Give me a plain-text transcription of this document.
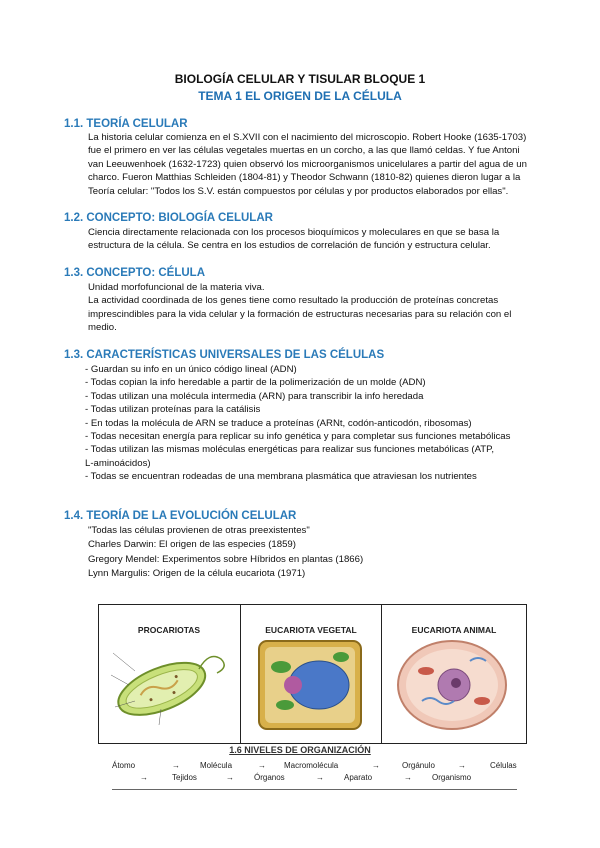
BIOLOGÍA CELULAR Y TISULAR BLOQUE 1
TEMA 1 EL ORIGEN DE LA CÉLULA
1.1. TEORÍA CELULAR
La historia celular comienza en el S.XVII con el nacimiento del microscopio. Robert Hooke (1635-1703)
fue el primero en ver las células vegetales muertas en un corcho, a las que llamó celdas. Y fue Antoni
van Leeuwenhoek (1632-1723) quien observó los microorganismos unicelulares a partir del agua de un
charco. Fueron Matthias Schleiden (1804-81) y Theodor Schwann (1810-82) quienes dieron lugar a la
Teoría celular: "Todos los S.V. están compuestos por células y por productos elaborados por ellas".
1.2. CONCEPTO: BIOLOGÍA CELULAR
Ciencia directamente relacionada con los procesos bioquímicos y moleculares en que se basa la
estructura de la célula. Se centra en los estudios de correlación de función y estructura celular.
1.3. CONCEPTO: CÉLULA
Unidad morfofuncional de la materia viva.
La actividad coordinada de los genes tiene como resultado la producción de proteínas concretas
imprescindibles para la vida celular y la formación de estructuras necesarias para su relación con el
medio.
1.3. CARACTERÍSTICAS UNIVERSALES DE LAS CÉLULAS
- Guardan su info en un único código lineal (ADN)
- Todas copian la info heredable a partir de la polimerización de un molde (ADN)
- Todas utilizan una molécula intermedia (ARN) para transcribir la info heredada
- Todas utilizan proteínas para la catálisis
- En todas la molécula de ARN se traduce a proteínas (ARNt, codón-anticodón, ribosomas)
- Todas necesitan energía para replicar su info genética y para completar sus funciones metabólicas
- Todas utilizan las mismas moléculas energéticas para realizar sus funciones metabólicas (ATP,
L-aminoácidos)
- Todas se encuentran rodeadas de una membrana plasmática que atraviesan los nutrientes
1.4. TEORÍA DE LA EVOLUCIÓN CELULAR
"Todas las células provienen de otras preexistentes"
Charles Darwin: El origen de las especies (1859)
Gregory Mendel: Experimentos sobre Híbridos en plantas (1866)
Lynn Margulis: Origen de la célula eucariota (1971)
PROCARIOTAS	EUCARIOTA VEGETAL	EUCARIOTA ANIMAL
1.6 NIVELES DE ORGANIZACIÓN
Átomo	→	Molécula	→ Macromolécula	→	Orgánulo	→	Células
→	Tejidos	→	Órganos	→	Aparato	→	Organismo
